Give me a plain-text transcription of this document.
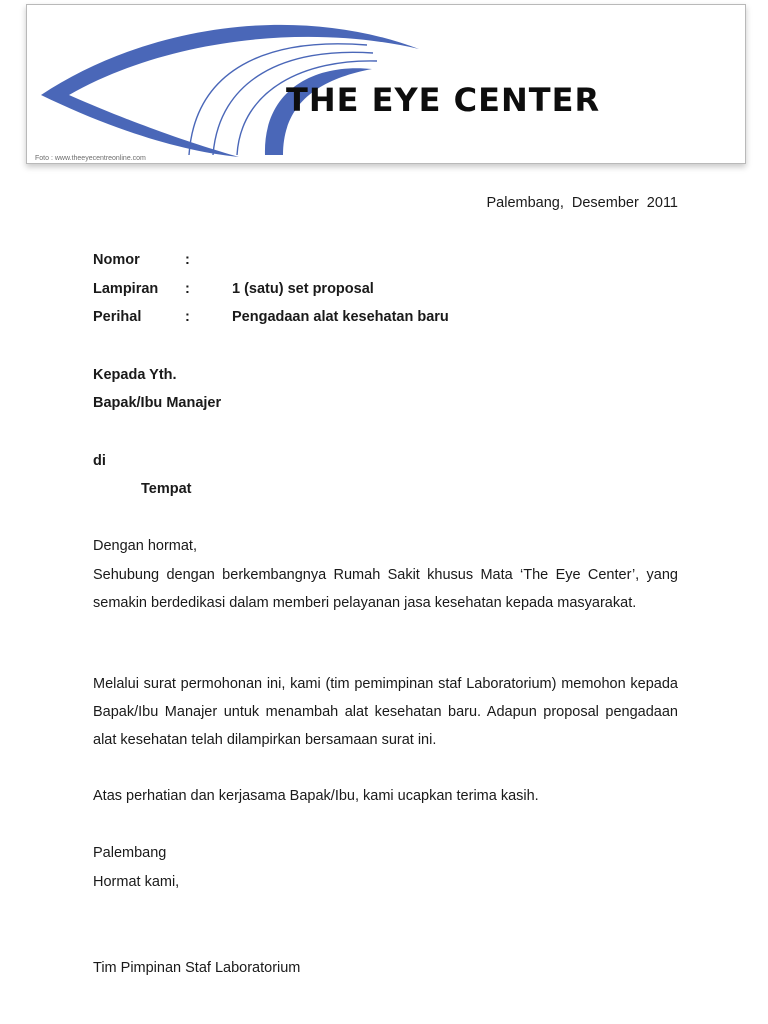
THE EYE CENTER
Foto : www.theeyecentreonline.com
Palembang, Desember 2011
Nomor	:
Lampiran :	1 (satu) set proposal
Perihal	:	Pengadaan alat kesehatan baru
Kepada Yth.
Bapak/Ibu Manajer
di
Tempat
Dengan hormat,
Sehubung dengan berkembangnya Rumah Sakit khusus Mata ‘The Eye Center’, yang semakin berdedikasi dalam memberi pelayanan jasa kesehatan kepada masyarakat.
Melalui surat permohonan ini, kami (tim pemimpinan staf Laboratorium) memohon kepada Bapak/Ibu Manajer untuk menambah alat kesehatan baru. Adapun proposal pengadaan alat kesehatan telah dilampirkan bersamaan surat ini.
Atas perhatian dan kerjasama Bapak/Ibu, kami ucapkan terima kasih.
Palembang
Hormat kami,
Tim Pimpinan Staf Laboratorium
